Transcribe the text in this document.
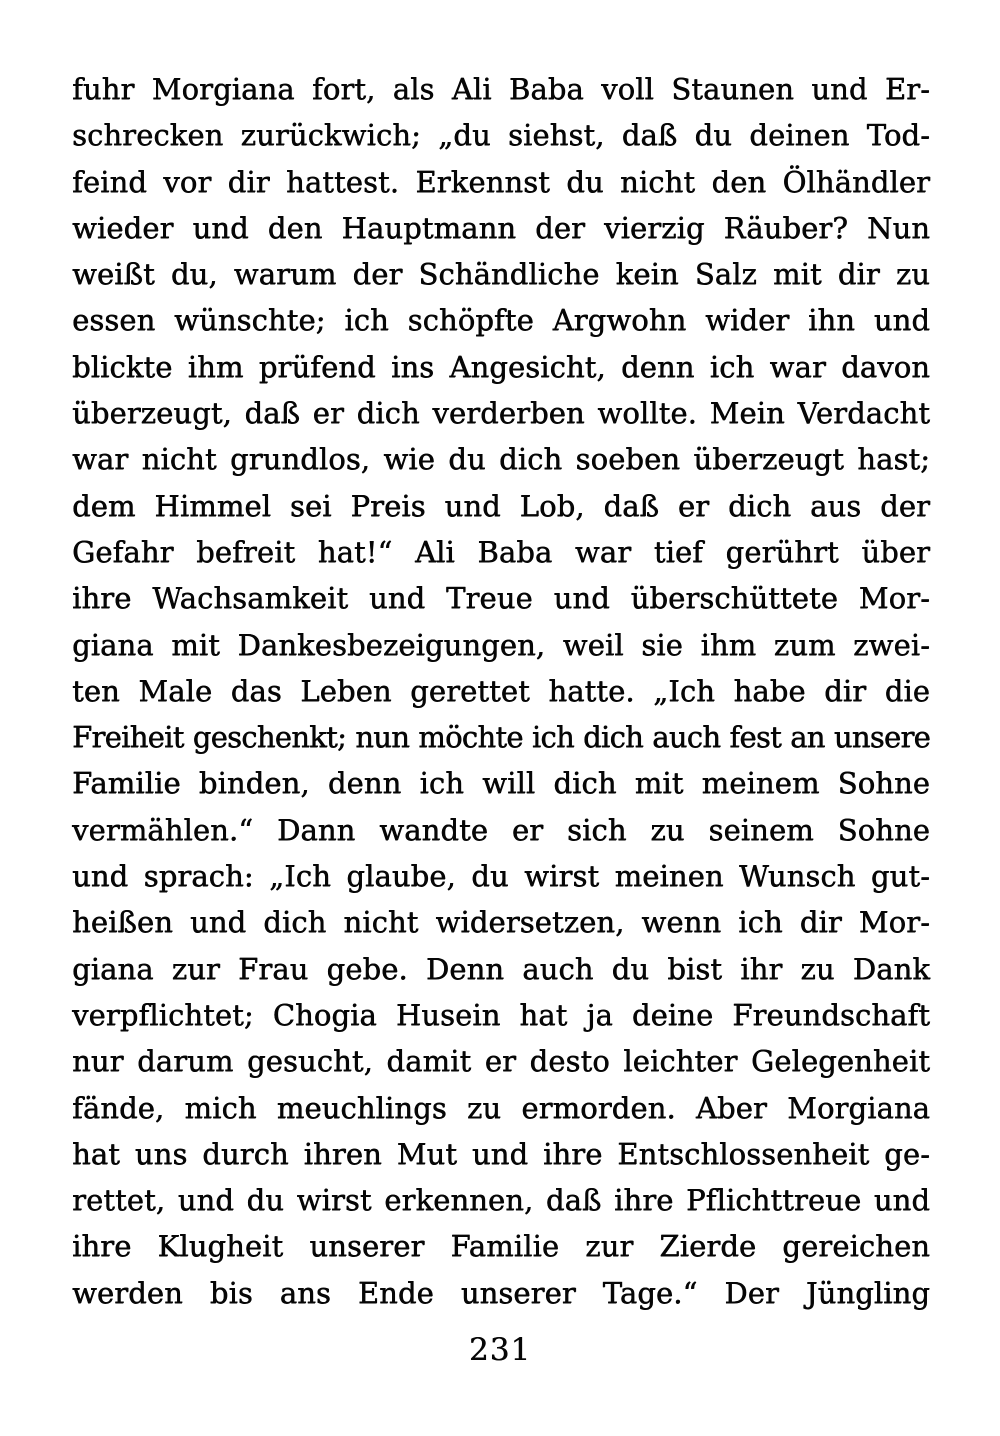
fuhr Morgiana fort, als Ali Baba voll Staunen und Er-
schrecken zurückwich; „du siehst, daß du deinen Tod-
feind vor dir hattest. Erkennst du nicht den Ölhändler
wieder und den Hauptmann der vierzig Räuber? Nun
weißt du, warum der Schändliche kein Salz mit dir zu
essen wünschte; ich schöpfte Argwohn wider ihn und
blickte ihm prüfend ins Angesicht, denn ich war davon
überzeugt, daß er dich verderben wollte. Mein Verdacht
war nicht grundlos, wie du dich soeben überzeugt hast;
dem Himmel sei Preis und Lob, daß er dich aus der
Gefahr befreit hat!“ Ali Baba war tief gerührt über
ihre Wachsamkeit und Treue und überschüttete Mor-
giana mit Dankesbezeigungen, weil sie ihm zum zwei-
ten Male das Leben gerettet hatte. „Ich habe dir die
Freiheit geschenkt; nun möchte ich dich auch fest an unsere
Familie binden, denn ich will dich mit meinem Sohne
vermählen.“ Dann wandte er sich zu seinem Sohne
und sprach: „Ich glaube, du wirst meinen Wunsch gut-
heißen und dich nicht widersetzen, wenn ich dir Mor-
giana zur Frau gebe. Denn auch du bist ihr zu Dank
verpflichtet; Chogia Husein hat ja deine Freundschaft
nur darum gesucht, damit er desto leichter Gelegenheit
fände, mich meuchlings zu ermorden. Aber Morgiana
hat uns durch ihren Mut und ihre Entschlossenheit ge-
rettet, und du wirst erkennen, daß ihre Pflichttreue und
ihre Klugheit unserer Familie zur Zierde gereichen
werden bis ans Ende unserer Tage.“ Der Jüngling
231
